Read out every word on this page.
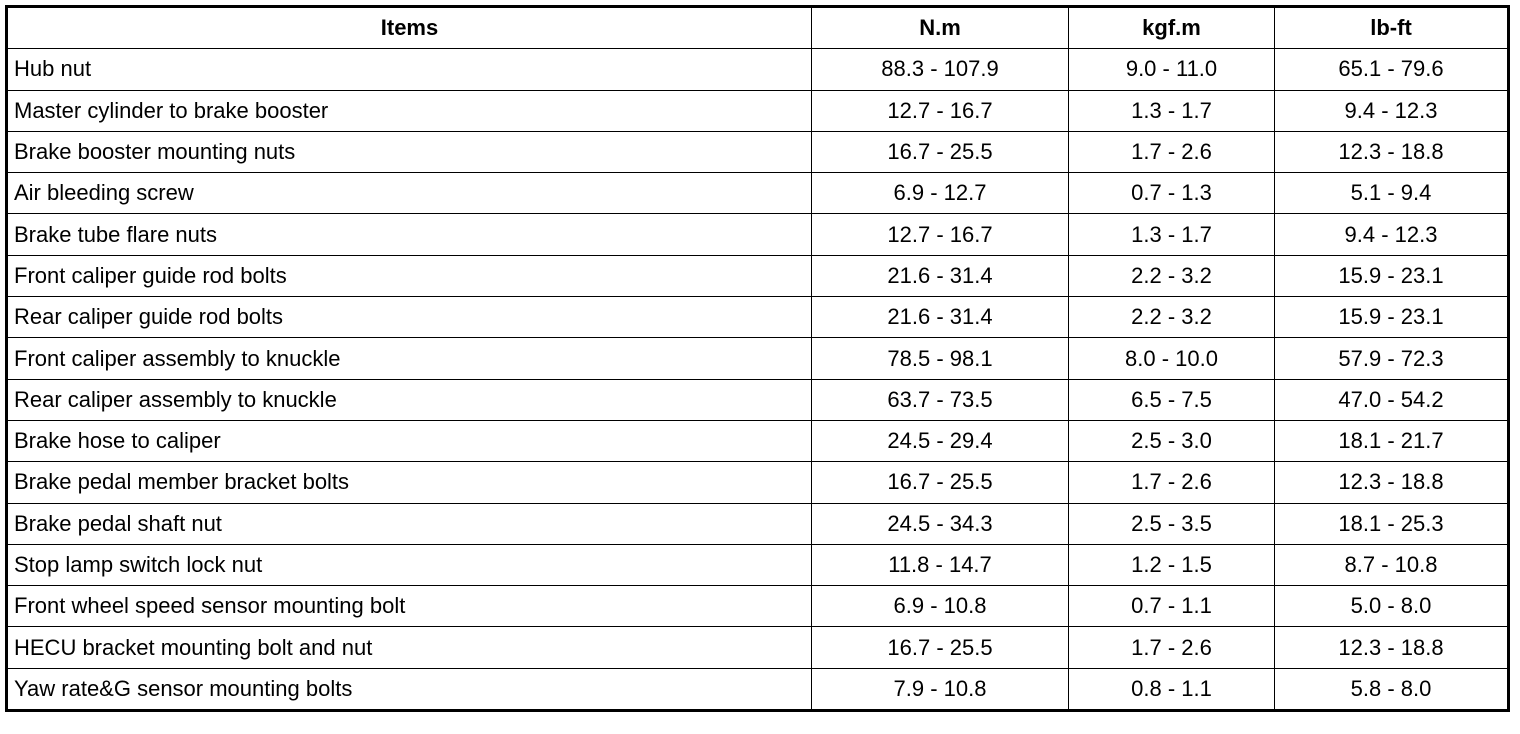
Items	N.m	kgf.m	lb-ft
Hub nut	88.3 - 107.9	9.0 - 11.0	65.1 - 79.6
Master cylinder to brake booster	12.7 - 16.7	1.3 - 1.7	9.4 - 12.3
Brake booster mounting nuts	16.7 - 25.5	1.7 - 2.6	12.3 - 18.8
Air bleeding screw	6.9 - 12.7	0.7 - 1.3	5.1 - 9.4
Brake tube flare nuts	12.7 - 16.7	1.3 - 1.7	9.4 - 12.3
Front caliper guide rod bolts	21.6 - 31.4	2.2 - 3.2	15.9 - 23.1
Rear caliper guide rod bolts	21.6 - 31.4	2.2 - 3.2	15.9 - 23.1
Front caliper assembly to knuckle	78.5 - 98.1	8.0 - 10.0	57.9 - 72.3
Rear caliper assembly to knuckle	63.7 - 73.5	6.5 - 7.5	47.0 - 54.2
Brake hose to caliper	24.5 - 29.4	2.5 - 3.0	18.1 - 21.7
Brake pedal member bracket bolts	16.7 - 25.5	1.7 - 2.6	12.3 - 18.8
Brake pedal shaft nut	24.5 - 34.3	2.5 - 3.5	18.1 - 25.3
Stop lamp switch lock nut	11.8 - 14.7	1.2 - 1.5	8.7 - 10.8
Front wheel speed sensor mounting bolt	6.9 - 10.8	0.7 - 1.1	5.0 - 8.0
HECU bracket mounting bolt and nut	16.7 - 25.5	1.7 - 2.6	12.3 - 18.8
Yaw rate&G sensor mounting bolts	7.9 - 10.8	0.8 - 1.1	5.8 - 8.0
